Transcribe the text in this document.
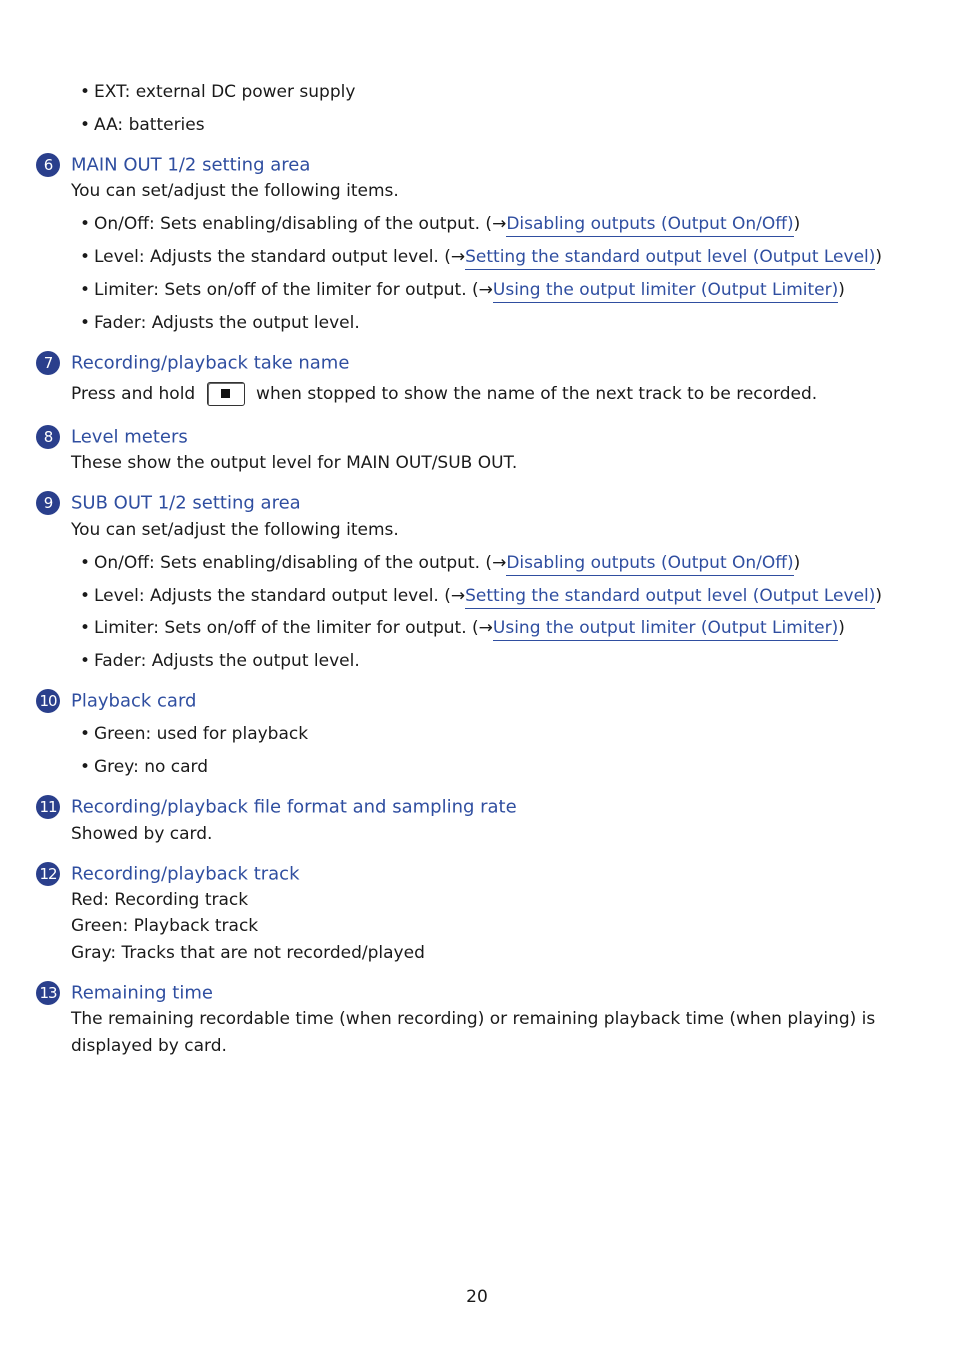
• EXT: external DC power supply
• AA: batteries
6 MAIN OUT 1/2 setting area
You can set/adjust the following items.
• On/Off: Sets enabling/disabling of the output. (→Disabling outputs (Output On/Off))
• Level: Adjusts the standard output level. (→Setting the standard output level (Output Level))
• Limiter: Sets on/off of the limiter for output. (→Using the output limiter (Output Limiter))
• Fader: Adjusts the output level.
7 Recording/playback take name
Press and hold	when stopped to show the name of the next track to be recorded.
8 Level meters
These show the output level for MAIN OUT/SUB OUT.
9 SUB OUT 1/2 setting area
You can set/adjust the following items.
• On/Off: Sets enabling/disabling of the output. (→Disabling outputs (Output On/Off))
• Level: Adjusts the standard output level. (→Setting the standard output level (Output Level))
• Limiter: Sets on/off of the limiter for output. (→Using the output limiter (Output Limiter))
• Fader: Adjusts the output level.
10 Playback card
• Green: used for playback
• Grey: no card
11 Recording/playback file format and sampling rate
Showed by card.
12 Recording/playback track
Red: Recording track
Green: Playback track
Gray: Tracks that are not recorded/played
13 Remaining time
The remaining recordable time (when recording) or remaining playback time (when playing) is
displayed by card.
20
